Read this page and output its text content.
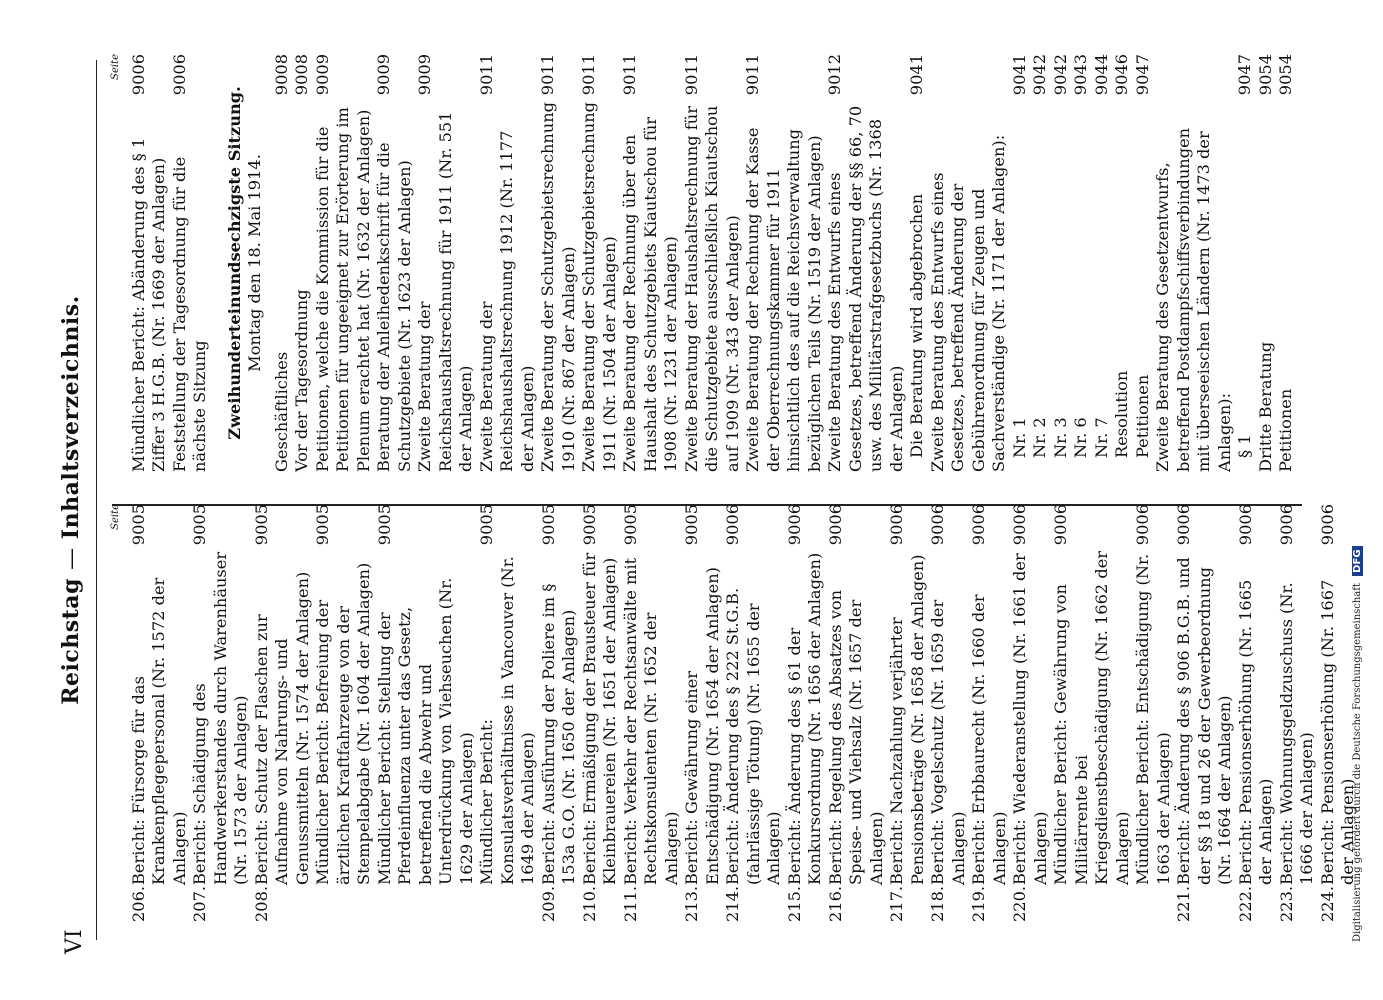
VI
Reichstag — Inhaltsverzeichnis.	Seite
206.
Bericht: Fürsorge für das Krankenpflegepersonal (Nr. 1572 der Anlagen)
9005
207.
Bericht: Schädigung des Handwerkerstandes durch Warenhäuser (Nr. 1573 der Anlagen)
9005
208.
Bericht: Schutz der Flaschen zur Aufnahme von Nahrungs- und Genussmitteln (Nr. 1574 der Anlagen)
9005
Mündlicher Bericht: Befreiung der ärztlichen Kraftfahrzeuge von der Stempelabgabe (Nr. 1604 der Anlagen)
9005
Mündlicher Bericht: Stellung der Pferdeinfluenza unter das Gesetz, betreffend die Abwehr und Unterdrückung von Viehseuchen (Nr. 1629 der Anlagen)
9005
Mündlicher Bericht: Konsulatsverhältnisse in Vancouver (Nr. 1649 der Anlagen)
9005
209.
Bericht: Ausführung der Poliere im § 153a G.O. (Nr. 1650 der Anlagen)
9005
210.
Bericht: Ermäßigung der Brausteuer für Kleinbrauereien (Nr. 1651 der Anlagen)
9005
211.
Bericht: Verkehr der Rechtsanwälte mit Rechtskonsulenten (Nr. 1652 der Anlagen)
9005
213.
Bericht: Gewährung einer Entschädigung (Nr. 1654 der Anlagen)
9005
214.
Bericht: Änderung des § 222 St.G.B. (fahrlässige Tötung) (Nr. 1655 der Anlagen)
9006
215.
Bericht: Änderung des § 61 der Konkursordnung (Nr. 1656 der Anlagen)
9006
216.
Bericht: Regelung des Absatzes von Speise- und Viehsalz (Nr. 1657 der Anlagen)
9006
217.
Bericht: Nachzahlung verjährter Pensionsbeträge (Nr. 1658 der Anlagen)
9006
218.
Bericht: Vogelschutz (Nr. 1659 der Anlagen)
9006
219.
Bericht: Erbbaurecht (Nr. 1660 der Anlagen)
9006
220.
Bericht: Wiederanstellung (Nr. 1661 der Anlagen)
9006
Mündlicher Bericht: Gewährung von Militärrente bei Kriegsdienstbeschädigung (Nr. 1662 der Anlagen)
9006
Mündlicher Bericht: Entschädigung (Nr. 1663 der Anlagen)
9006
221.
Bericht: Änderung des § 906 B.G.B. und der §§ 18 und 26 der Gewerbeordnung (Nr. 1664 der Anlagen)
9006
222.
Bericht: Pensionserhöhung (Nr. 1665 der Anlagen)
9006
223.
Bericht: Wohnungsgeldzuschuss (Nr. 1666 der Anlagen)
9006
224.
Bericht: Pensionserhöhung (Nr. 1667 der Anlagen)
9006
Seite
Mündlicher Bericht: Abänderung des § 1 Ziffer 3 H.G.B. (Nr. 1669 der Anlagen)
9006
Feststellung der Tagesordnung für die nächste Sitzung
9006
Zweihunderteinundsechzigste Sitzung. Montag den 18. Mai 1914.
Geschäftliches
9008
Vor der Tagesordnung
9008
Petitionen, welche die Kommission für die Petitionen für ungeeignet zur Erörterung im Plenum erachtet hat (Nr. 1632 der Anlagen)
9009
Beratung der Anleihedenkschrift für die Schutzgebiete (Nr. 1623 der Anlagen)
9009
Zweite Beratung der Reichshaushaltsrechnung für 1911 (Nr. 551 der Anlagen)
9009
Zweite Beratung der Reichshaushaltsrechnung 1912 (Nr. 1177 der Anlagen)
9011
Zweite Beratung der Schutzgebietsrechnung 1910 (Nr. 867 der Anlagen)
9011
Zweite Beratung der Schutzgebietsrechnung 1911 (Nr. 1504 der Anlagen)
9011
Zweite Beratung der Rechnung über den Haushalt des Schutzgebiets Kiautschou für 1908 (Nr. 1231 der Anlagen)
9011
Zweite Beratung der Haushaltsrechnung für die Schutzgebiete ausschließlich Kiautschou auf 1909 (Nr. 343 der Anlagen)
9011
Zweite Beratung der Rechnung der Kasse der Oberrechnungskammer für 1911 hinsichtlich des auf die Reichsverwaltung bezüglichen Teils (Nr. 1519 der Anlagen)
9011
Zweite Beratung des Entwurfs eines Gesetzes, betreffend Änderung der §§ 66, 70 usw. des Militärstrafgesetzbuchs (Nr. 1368 der Anlagen)
9012
Die Beratung wird abgebrochen
9041
Zweite Beratung des Entwurfs eines Gesetzes, betreffend Änderung der Gebührenordnung für Zeugen und Sachverständige (Nr. 1171 der Anlagen): Nr. 1
9041
Nr. 2
9042
Nr. 3
9042
Nr. 6
9043
Nr. 7
9044
Resolution
9046
Petitionen
9047
Zweite Beratung des Gesetzentwurfs, betreffend Postdampfschiffsverbindungen mit überseeischen Ländern (Nr. 1473 der Anlagen): § 1
9047
Dritte Beratung
9054
Petitionen
9054
Digitalisierung gefördert durch die Deutsche Forschungsgemeinschaft DFG
